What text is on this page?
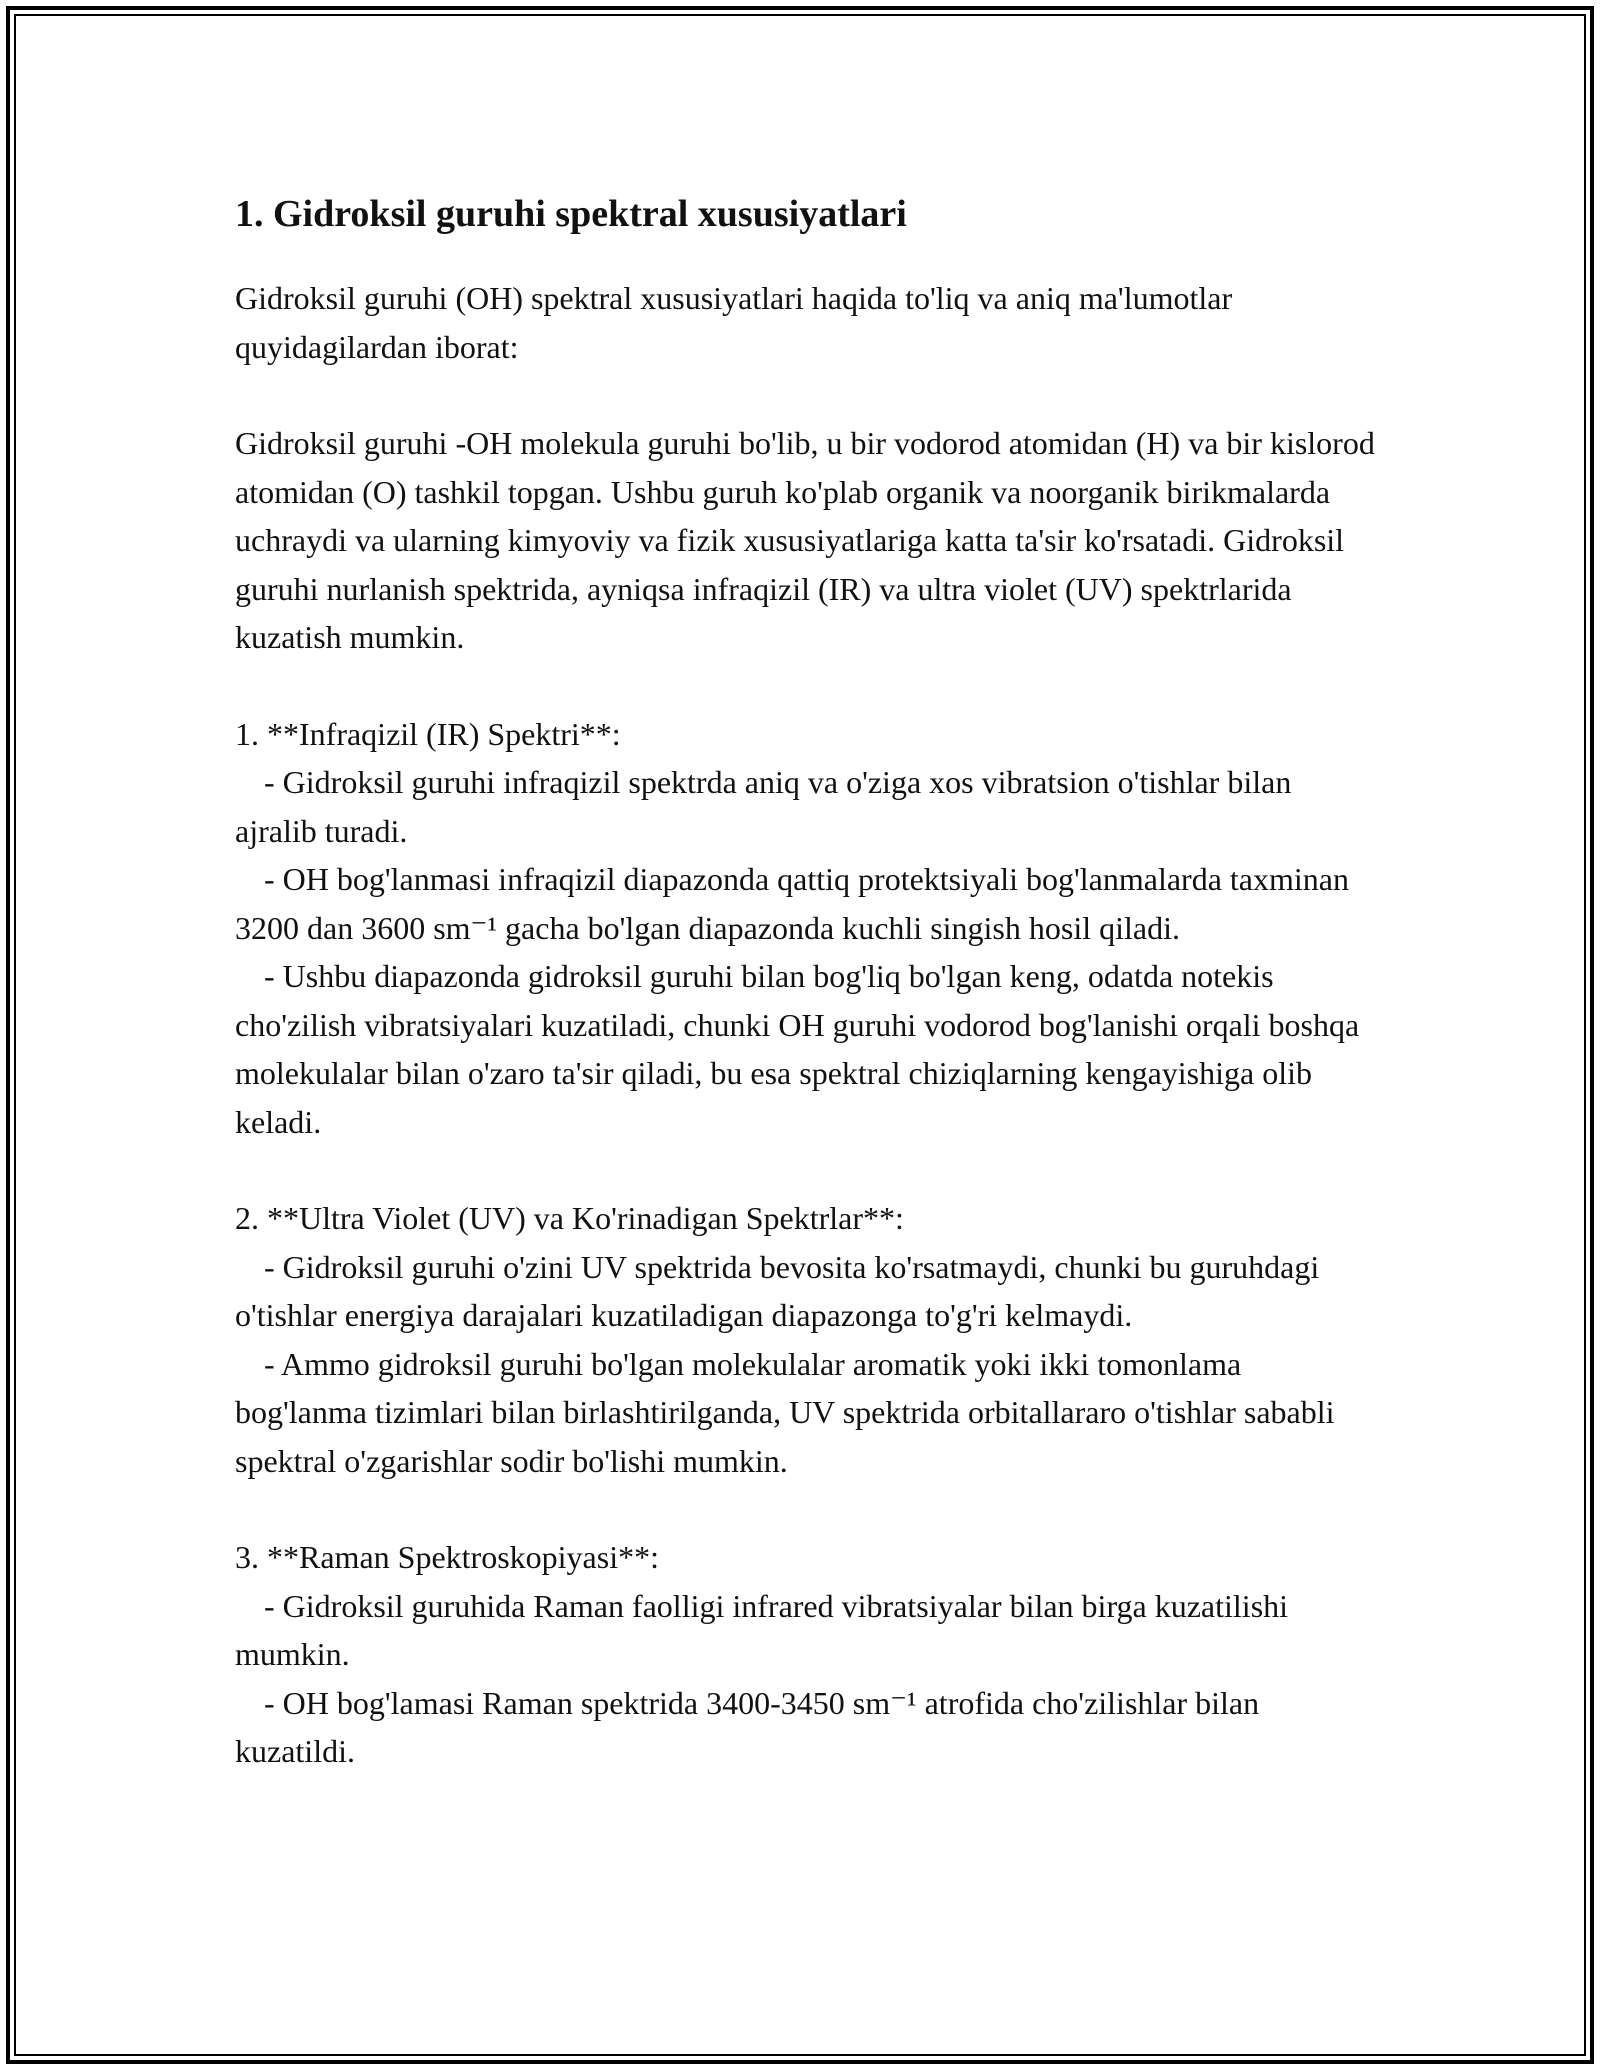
1. Gidroksil guruhi spektral xususiyatlari

Gidroksil guruhi (OH) spektral xususiyatlari haqida to'liq va aniq ma'lumotlar quyidagilardan iborat:

Gidroksil guruhi -OH molekula guruhi bo'lib, u bir vodorod atomidan (H) va bir kislorod atomidan (O) tashkil topgan. Ushbu guruh ko'plab organik va noorganik birikmalarda uchraydi va ularning kimyoviy va fizik xususiyatlariga katta ta'sir ko'rsatadi. Gidroksil guruhi nurlanish spektrida, ayniqsa infraqizil (IR) va ultra violet (UV) spektrlarida kuzatish mumkin.

1. **Infraqizil (IR) Spektri**:

- Gidroksil guruhi infraqizil spektrda aniq va o'ziga xos vibratsion o'tishlar bilan ajralib turadi.

- OH bog'lanmasi infraqizil diapazonda qattiq protektsiyali bog'lanmalarda taxminan 3200 dan 3600 sm⁻¹ gacha bo'lgan diapazonda kuchli singish hosil qiladi.

- Ushbu diapazonda gidroksil guruhi bilan bog'liq bo'lgan keng, odatda notekis cho'zilish vibratsiyalari kuzatiladi, chunki OH guruhi vodorod bog'lanishi orqali boshqa molekulalar bilan o'zaro ta'sir qiladi, bu esa spektral chiziqlarning kengayishiga olib keladi.

2. **Ultra Violet (UV) va Ko'rinadigan Spektrlar**:

- Gidroksil guruhi o'zini UV spektrida bevosita ko'rsatmaydi, chunki bu guruhdagi o'tishlar energiya darajalari kuzatiladigan diapazonga to'g'ri kelmaydi.

- Ammo gidroksil guruhi bo'lgan molekulalar aromatik yoki ikki tomonlama bog'lanma tizimlari bilan birlashtirilganda, UV spektrida orbitallararo o'tishlar sababli spektral o'zgarishlar sodir bo'lishi mumkin.

3. **Raman Spektroskopiyasi**:

- Gidroksil guruhida Raman faolligi infrared vibratsiyalar bilan birga kuzatilishi mumkin.

- OH bog'lamasi Raman spektrida 3400-3450 sm⁻¹ atrofida cho'zilishlar bilan kuzatildi.
